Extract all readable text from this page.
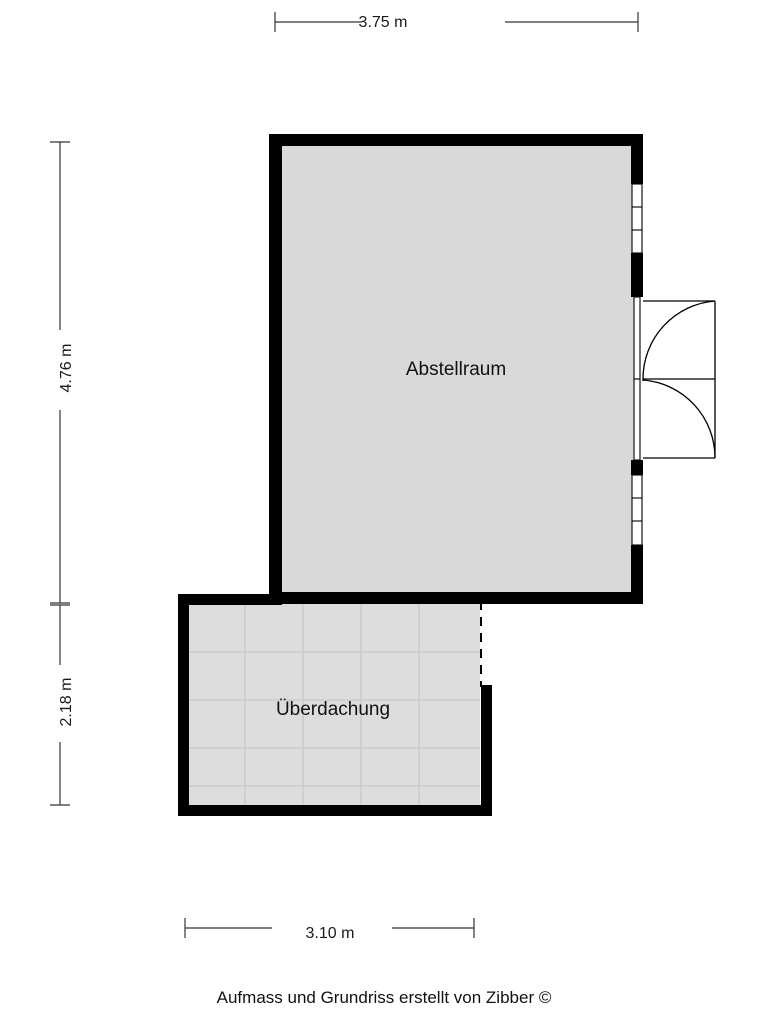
3.75 m
4.76 m
2.18 m
3.10 m
Abstellraum
Überdachung
Aufmass und Grundriss erstellt von Zibber ©
